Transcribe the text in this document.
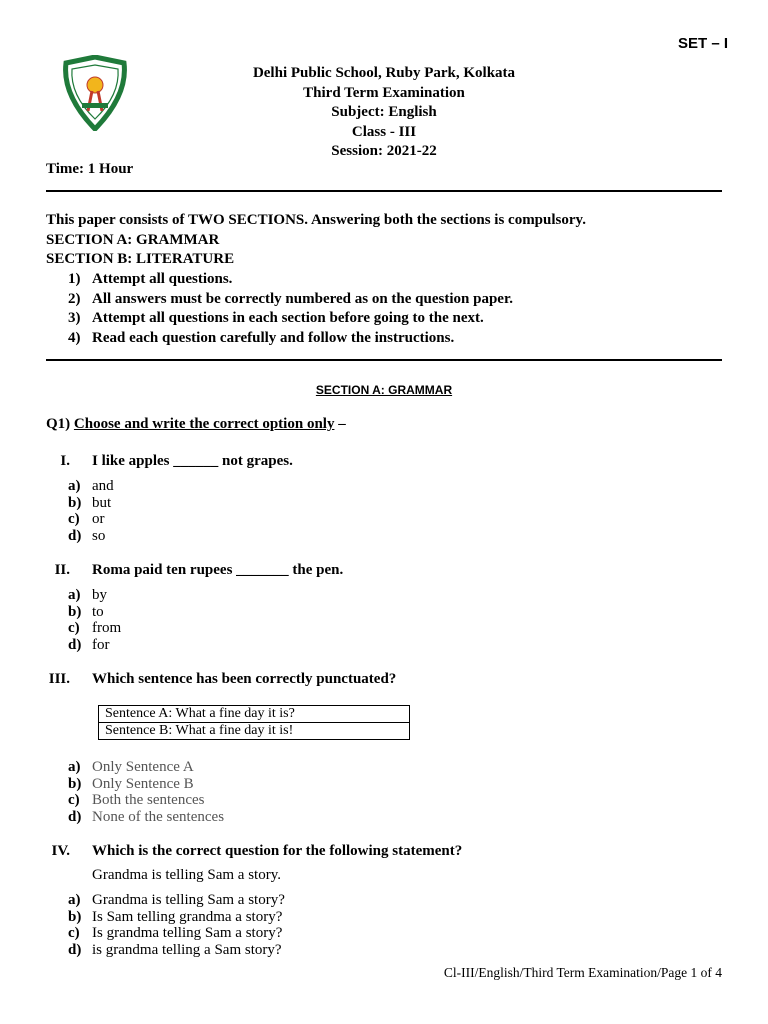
SET – I
Delhi Public School, Ruby Park, Kolkata
Third Term Examination
Subject: English
Class - III
Session: 2021-22
Time: 1 Hour
This paper consists of TWO SECTIONS. Answering both the sections is compulsory.
SECTION A: GRAMMAR
SECTION B: LITERATURE
1) Attempt all questions.
2) All answers must be correctly numbered as on the question paper.
3) Attempt all questions in each section before going to the next.
4) Read each question carefully and follow the instructions.
SECTION A: GRAMMAR
Q1) Choose and write the correct option only –
I. I like apples ______ not grapes.
a) and
b) but
c) or
d) so
II. Roma paid ten rupees _______ the pen.
a) by
b) to
c) from
d) for
III. Which sentence has been correctly punctuated?
Sentence A: What a fine day it is?
Sentence B: What a fine day it is!
a) Only Sentence A
b) Only Sentence B
c) Both the sentences
d) None of the sentences
IV. Which is the correct question for the following statement?
Grandma is telling Sam a story.
a) Grandma is telling Sam a story?
b) Is Sam telling grandma a story?
c) Is grandma telling Sam a story?
d) is grandma telling a Sam story?
Cl-III/English/Third Term Examination/Page 1 of 4
